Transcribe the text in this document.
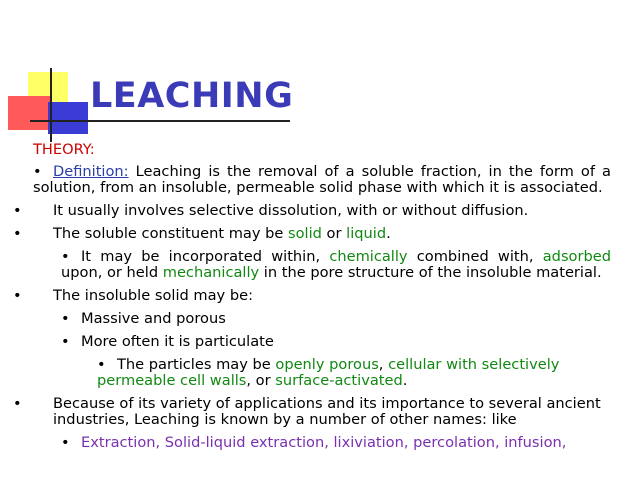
LEACHING
THEORY:
• Definition: Leaching is the removal of a soluble fraction, in the form of a solution, from an insoluble, permeable solid phase with which it is associated.
• It usually involves selective dissolution, with or without diffusion.
• The soluble constituent may be solid or liquid.
• It may be incorporated within, chemically combined with, adsorbed upon, or held mechanically in the pore structure of the insoluble material.
• The insoluble solid may be:
• Massive and porous
• More often it is particulate
• The particles may be openly porous, cellular with selectively permeable cell walls, or surface-activated.
• Because of its variety of applications and its importance to several ancient industries, Leaching is known by a number of other names: like
• Extraction, Solid-liquid extraction, lixiviation, percolation, infusion,
